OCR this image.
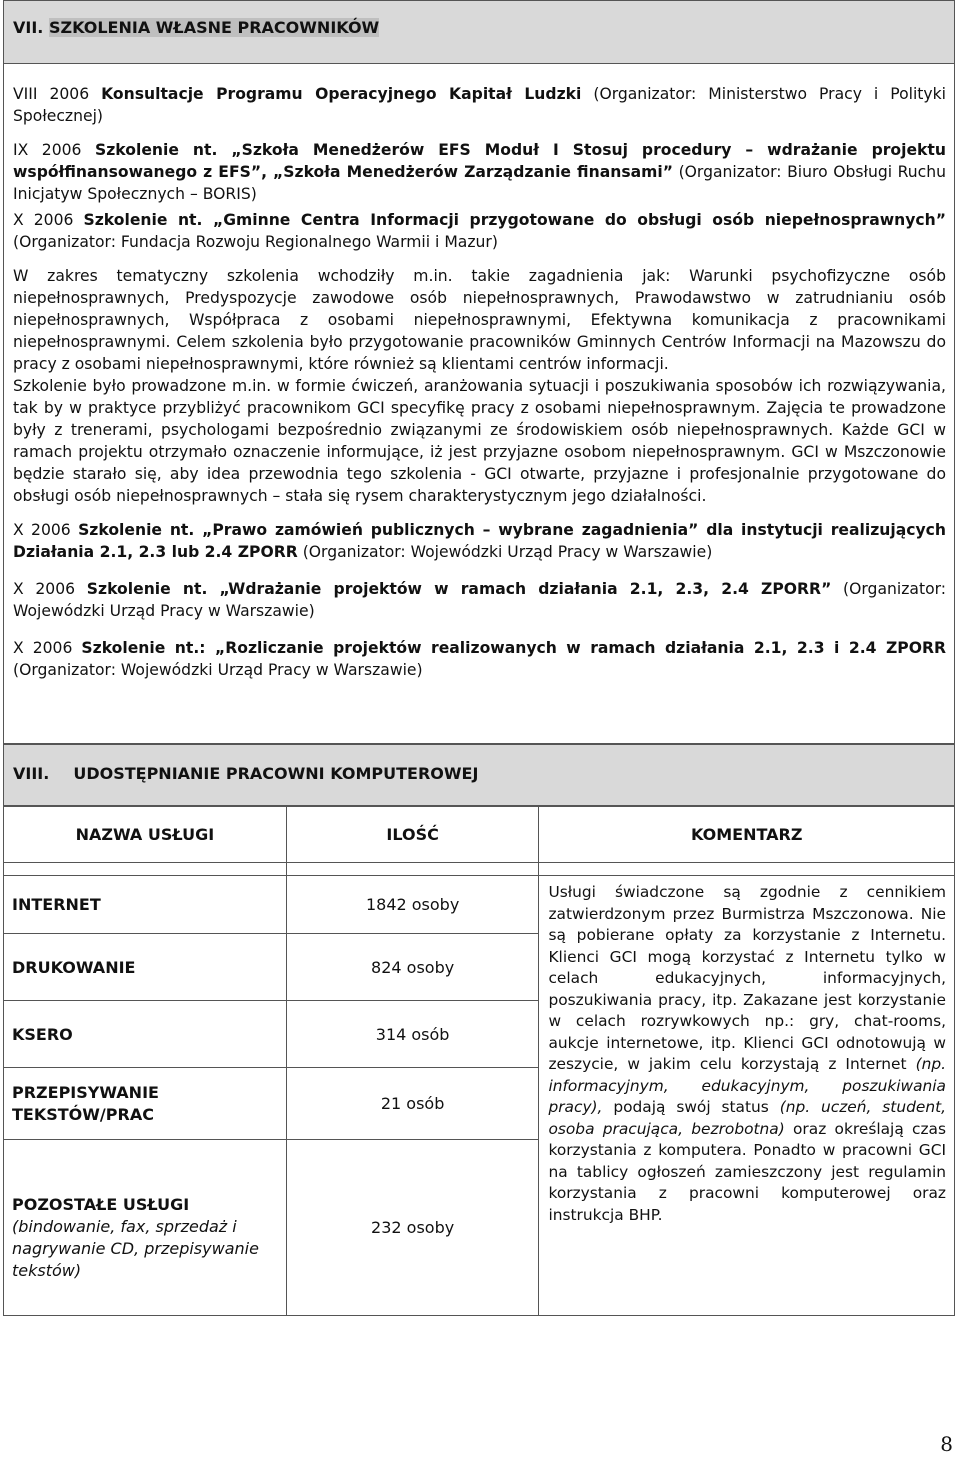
VII. SZKOLENIA WŁASNE PRACOWNIKÓW

VIII 2006 Konsultacje Programu Operacyjnego Kapitał Ludzki (Organizator: Ministerstwo Pracy i Polityki Społecznej)

IX 2006 Szkolenie nt. „Szkoła Menedżerów EFS Moduł I Stosuj procedury – wdrażanie projektu współfinansowanego z EFS”, „Szkoła Menedżerów Zarządzanie finansami” (Organizator: Biuro Obsługi Ruchu Inicjatyw Społecznych – BORIS)

X 2006 Szkolenie nt. „Gminne Centra Informacji przygotowane do obsługi osób niepełnosprawnych” (Organizator: Fundacja Rozwoju Regionalnego Warmii i Mazur)

W zakres tematyczny szkolenia wchodziły m.in. takie zagadnienia jak: Warunki psychofizyczne osób niepełnosprawnych, Predyspozycje zawodowe osób niepełnosprawnych, Prawodawstwo w zatrudnianiu osób niepełnosprawnych, Współpraca z osobami niepełnosprawnymi, Efektywna komunikacja z pracownikami niepełnosprawnymi. Celem szkolenia było przygotowanie pracowników Gminnych Centrów Informacji na Mazowszu do pracy z osobami niepełnosprawnymi, które również są klientami centrów informacji.

Szkolenie było prowadzone m.in. w formie ćwiczeń, aranżowania sytuacji i poszukiwania sposobów ich rozwiązywania, tak by w praktyce przybliżyć pracownikom GCI specyfikę pracy z osobami niepełnosprawnym. Zajęcia te prowadzone były z trenerami, psychologami bezpośrednio związanymi ze środowiskiem osób niepełnosprawnych. Każde GCI w ramach projektu otrzymało oznaczenie informujące, iż jest przyjazne osobom niepełnosprawnym. GCI w Mszczonowie będzie starało się, aby idea przewodnia tego szkolenia - GCI otwarte, przyjazne i profesjonalnie przygotowane do obsługi osób niepełnosprawnych – stała się rysem charakterystycznym jego działalności.

X 2006 Szkolenie nt. „Prawo zamówień publicznych – wybrane zagadnienia” dla instytucji realizujących Działania 2.1, 2.3 lub 2.4 ZPORR (Organizator: Wojewódzki Urząd Pracy w Warszawie)

X 2006 Szkolenie nt. „Wdrażanie projektów w ramach działania 2.1, 2.3, 2.4 ZPORR” (Organizator: Wojewódzki Urząd Pracy w Warszawie)

X 2006 Szkolenie nt.: „Rozliczanie projektów realizowanych w ramach działania 2.1, 2.3 i 2.4 ZPORR (Organizator: Wojewódzki Urząd Pracy w Warszawie)

VIII. UDOSTĘPNIANIE PRACOWNI KOMPUTEROWEJ
NAZWA USŁUGI	ILOŚĆ	KOMENTARZ

INTERNET	1842 osoby	Usługi świadczone są zgodnie z cennikiem zatwierdzonym przez Burmistrza Mszczonowa. Nie są pobierane opłaty za korzystanie z Internetu. Klienci GCI mogą korzystać z Internetu tylko w celach edukacyjnych, informacyjnych, poszukiwania pracy, itp. Zakazane jest korzystanie w celach rozrywkowych np.: gry, chat-rooms, aukcje internetowe, itp. Klienci GCI odnotowują w zeszycie, w jakim celu korzystają z Internet (np. informacyjnym, edukacyjnym, poszukiwania pracy), podają swój status (np. uczeń, student, osoba pracująca, bezrobotna) oraz określają czas korzystania z komputera. Ponadto w pracowni GCI na tablicy ogłoszeń zamieszczony jest regulamin korzystania z pracowni komputerowej oraz instrukcja BHP.
DRUKOWANIE	824 osoby	
KSERO	314 osób	
PRZEPISYWANIE TEKSTÓW/PRAC	21 osób	

POZOSTAŁE USŁUGI
(bindowanie, fax, sprzedaż i nagrywanie CD, przepisywanie tekstów)	232 osoby	
8
